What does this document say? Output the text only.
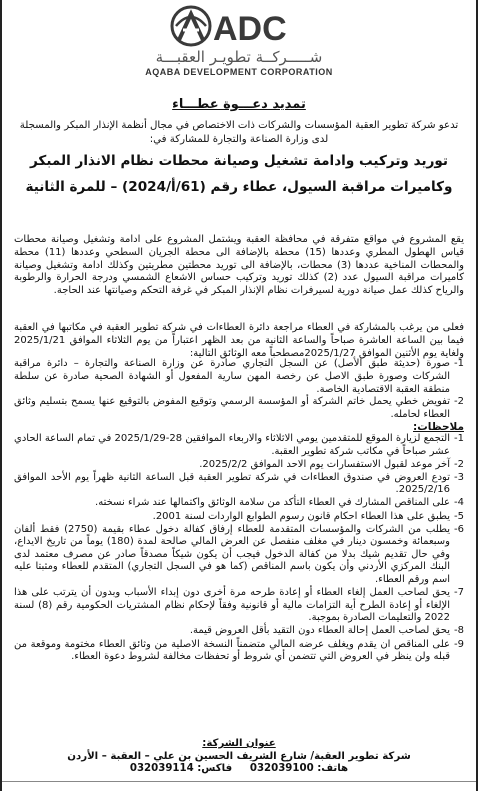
ADC
شـــــركــة تطويـر العقبـــة
AQABA DEVELOPMENT CORPORATION
تمديد دعـــوة عطـــاء
تدعو شركة تطوير العقبة المؤسسات والشركات ذات الاختصاص في مجال أنظمة الإنذار المبكر والمسجلة لدى وزارة الصناعة والتجارة للمشاركة في:
توريد وتركيب وادامة تشغيل وصيانة محطات نظام الانذار المبكر وكاميرات مراقبة السيول، عطاء رقم (61/أ/2024) – للمرة الثانية
يقع المشروع في مواقع متفرقة في محافظة العقبة ويشتمل المشروع على ادامة وتشغيل وصيانة محطات قياس الهطول المطري وعددها (15) محطة بالإضافة الى محطة الجريان السطحي وعددها (11) محطة والمحطات المناخية عددها (3) محطات، بالإضافة الى توريد محطتين مطريتين وكذلك ادامة وتشغيل وصيانة كاميرات مراقبة السيول عدد (2) كذلك توريد وتركيب حساس الاشعاع الشمسي ودرجة الحرارة والرطوبة والرياح كذلك عمل صيانة دورية لسيرفرات نظام الإنذار المبكر في غرفة التحكم وصيانتها عند الحاجة.
فعلى من يرغب بالمشاركة في العطاء مراجعة دائرة العطاءات في شركة تطوير العقبة في مكاتبها في العقبة فيما بين الساعة العاشرة صباحاً والساعة الثانية من بعد الظهر اعتباراً من يوم الثلاثاء الموافق 2025/1/21 ولغاية يوم الأثنين الموافق 2025/1/27مصطحباً معه الوثائق التالية:
1-
صورة (حديثة طبق الأصل) عن السجل التجاري صادرة عن وزارة الصناعة والتجارة – دائرة مراقبة الشركات وصورة طبق الاصل عن رخصة المهن سارية المفعول أو الشهادة الصحية صادرة عن سلطة منطقة العقبة الاقتصادية الخاصة.
2-
تفويض خطي يحمل خاتم الشركة أو المؤسسة الرسمي وتوقيع المفوض بالتوقيع عنها يسمح بتسليم وثائق العطاء لحامله.
ملاحظات:
1-
التجمع لزيارة الموقع للمتقدمين يومي الاثلاثاء والاربعاء الموافقين 28-2025/1/29 في تمام الساعة الحادي عشر صباحاً في مكاتب شركة تطوير العقبة.
2-
آخر موعد لقبول الاستفسارات يوم الاحد الموافق 2025/2/2.
3-
تودع العروض في صندوق العطاءات في شركة تطوير العقبة قبل الساعة الثانية ظهراً يوم الأحد الموافق 2025/2/16.
4-
على المناقص المشارك في العطاء التأكد من سلامة الوثائق واكتمالها عند شراء نسخته.
5-
يطبق على هذا العطاء احكام قانون رسوم الطوابع الواردات لسنة 2001.
6-
يطلب من الشركات والمؤسسات المتقدمة للعطاء إرفاق كفالة دخول عطاء بقيمة (2750) فقط ألفان وسبعمائة وخمسون دينار في مغلف منفصل عن العرض المالي صالحة لمدة (180) يوماً من تاريخ الايداع، وفي حال تقديم شيك بدلا من كفالة الدخول فيجب أن يكون شيكاً مصدقاً صادر عن مصرف معتمد لدى البنك المركزي الأردني وأن يكون باسم المناقص (كما هو في السجل التجاري) المتقدم للعطاء ومثبتا عليه اسم ورقم العطاء.
7-
يحق لصاحب العمل إلغاء العطاء أو إعادة طرحه مرة أخرى دون إبداء الأسباب وبدون أن يترتب على هذا الإلغاء أو إعادة الطرح أية التزامات مالية أو قانونية وفقاً لإحكام نظام المشتريات الحكومية رقم (8) لسنة 2022 والتعليمات الصادرة بموجبة.
8-
يحق لصاحب العمل إحالة العطاء دون التقيد بأقل العروض قيمة.
9-
على المناقص ان يقدم ويغلف عرضه المالي متضمناً النسخة الاصلية من وثائق العطاء مختومة وموقعة من قبله ولن ينظر في العروض التي تتضمن أي شروط أو تحفظات مخالفة لشروط دعوة العطاء.
عنوان الشركة:
شركة تطوير العقبة/ شارع الشريف الحسين بن علي – العقبة – الأردن
هاتف: 032039100     فاكس: 032039114
